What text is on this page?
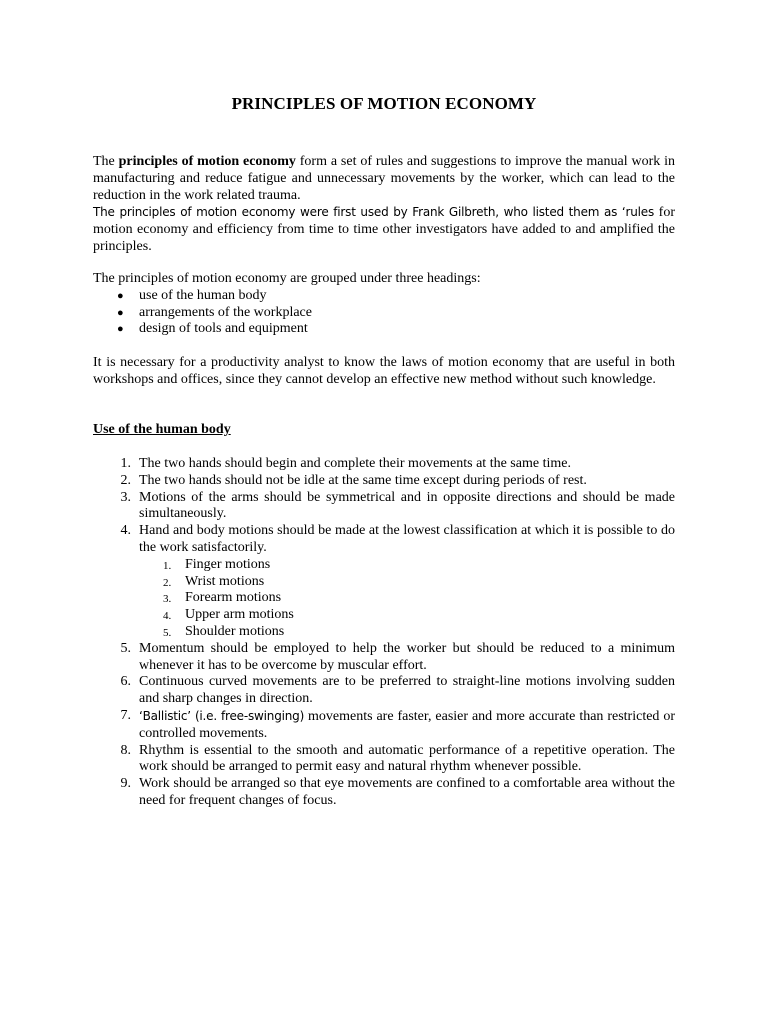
PRINCIPLES OF MOTION ECONOMY

The principles of motion economy form a set of rules and suggestions to improve the manual work in manufacturing and reduce fatigue and unnecessary movements by the worker, which can lead to the reduction in the work related trauma.

The principles of motion economy were first used by Frank Gilbreth, who listed them as ‘rules for motion economy and efficiency from time to time other investigators have added to and amplified the principles.

The principles of motion economy are grouped under three headings:

● use of the human body
● arrangements of the workplace
● design of tools and equipment

It is necessary for a productivity analyst to know the laws of motion economy that are useful in both workshops and offices, since they cannot develop an effective new method without such knowledge.

Use of the human body

1. The two hands should begin and complete their movements at the same time.
2. The two hands should not be idle at the same time except during periods of rest.
3. Motions of the arms should be symmetrical and in opposite directions and should be made simultaneously.
4. Hand and body motions should be made at the lowest classification at which it is possible to do the work satisfactorily.
1. Finger motions
2. Wrist motions
3. Forearm motions
4. Upper arm motions
5. Shoulder motions
5. Momentum should be employed to help the worker but should be reduced to a minimum whenever it has to be overcome by muscular effort.
6. Continuous curved movements are to be preferred to straight-line motions involving sudden and sharp changes in direction.
7. ‘Ballistic’ (i.e. free-swinging) movements are faster, easier and more accurate than restricted or controlled movements.
8. Rhythm is essential to the smooth and automatic performance of a repetitive operation. The work should be arranged to permit easy and natural rhythm whenever possible.
9. Work should be arranged so that eye movements are confined to a comfortable area without the need for frequent changes of focus.
